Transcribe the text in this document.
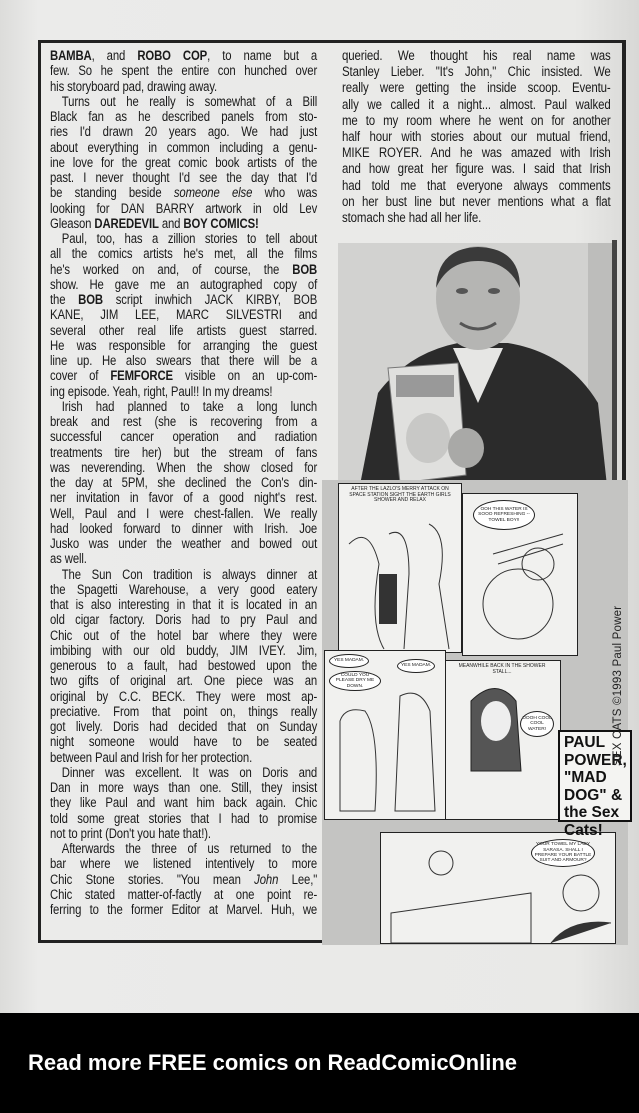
AFTER THE LAZLO'S MERRY ATTACK ON SPACE STATION SIGHT THE EARTH GIRLS SHOWER AND RELAX
OOH THIS WATER IS SOOO REFRESHING -- TOWEL BOY!!
YES MADAM.
COULD YOU PLEASE DRY ME DOWN.
YES MADAM.	MEANWHILE BACK IN THE SHOWER STALL...
OOOH COOL COOL WATER!
YOUR TOWEL MY LADY SARASA. SHALL I PREPARE YOUR BATTLE SUIT AND ARMOUR?
BAMBA, and ROBO COP, to name but a
few. So he spent the entire con hunched over
his storyboard pad, drawing away.
Turns out he really is somewhat of a Bill
Black fan as he described panels from sto-
ries I'd drawn 20 years ago. We had just
about everything in common including a genu-
ine love for the great comic book artists of the
past. I never thought I'd see the day that I'd
be standing beside someone else who was
looking for DAN BARRY artwork in old Lev
Gleason DAREDEVIL and BOY COMICS!
Paul, too, has a zillion stories to tell about
all the comics artists he's met, all the films
he's worked on and, of course, the BOB
show. He gave me an autographed copy of
the BOB script inwhich JACK KIRBY, BOB
KANE, JIM LEE, MARC SILVESTRI and
several other real life artists guest starred.
He was responsible for arranging the guest
line up. He also swears that there will be a
cover of FEMFORCE visible on an up-com-
ing episode. Yeah, right, Paul!! In my dreams!
Irish had planned to take a long lunch
break and rest (she is recovering from a
successful cancer operation and radiation
treatments tire her) but the stream of fans
was neverending. When the show closed for
the day at 5PM, she declined the Con's din-
ner invitation in favor of a good night's rest.
Well, Paul and I were chest-fallen. We really
had looked forward to dinner with Irish. Joe
Jusko was under the weather and bowed out
as well.
The Sun Con tradition is always dinner at
the Spagetti Warehouse, a very good eatery
that is also interesting in that it is located in an
old cigar factory. Doris had to pry Paul and
Chic out of the hotel bar where they were
imbibing with our old buddy, JIM IVEY. Jim,
generous to a fault, had bestowed upon the
two gifts of original art. One piece was an
original by C.C. BECK. They were most ap-
preciative. From that point on, things really
got lively. Doris had decided that on Sunday
night someone would have to be seated
between Paul and Irish for her protection.
Dinner was excellent. It was on Doris and
Dan in more ways than one. Still, they insist
they like Paul and want him back again. Chic
told some great stories that I had to promise
not to print (Don't you hate that!).
Afterwards the three of us returned to the
bar where we listened intentively to more
Chic Stone stories. "You mean John Lee,"
Chic stated matter-of-factly at one point re-
ferring to the former Editor at Marvel. Huh, we
queried. We thought his real name was
Stanley Lieber. "It's John," Chic insisted. We
really were getting the inside scoop. Eventu-
ally we called it a night... almost. Paul walked
me to my room where he went on for another
half hour with stories about our mutual friend,
MIKE ROYER. And he was amazed with Irish
and how great her figure was. I said that Irish
had told me that everyone always comments
on her bust line but never mentions what a flat
stomach she had all her life.
PAUL POWER, "MAD DOG" & the Sex Cats!
SEX CATS ©1993 Paul Power
Read more FREE comics on ReadComicOnline
